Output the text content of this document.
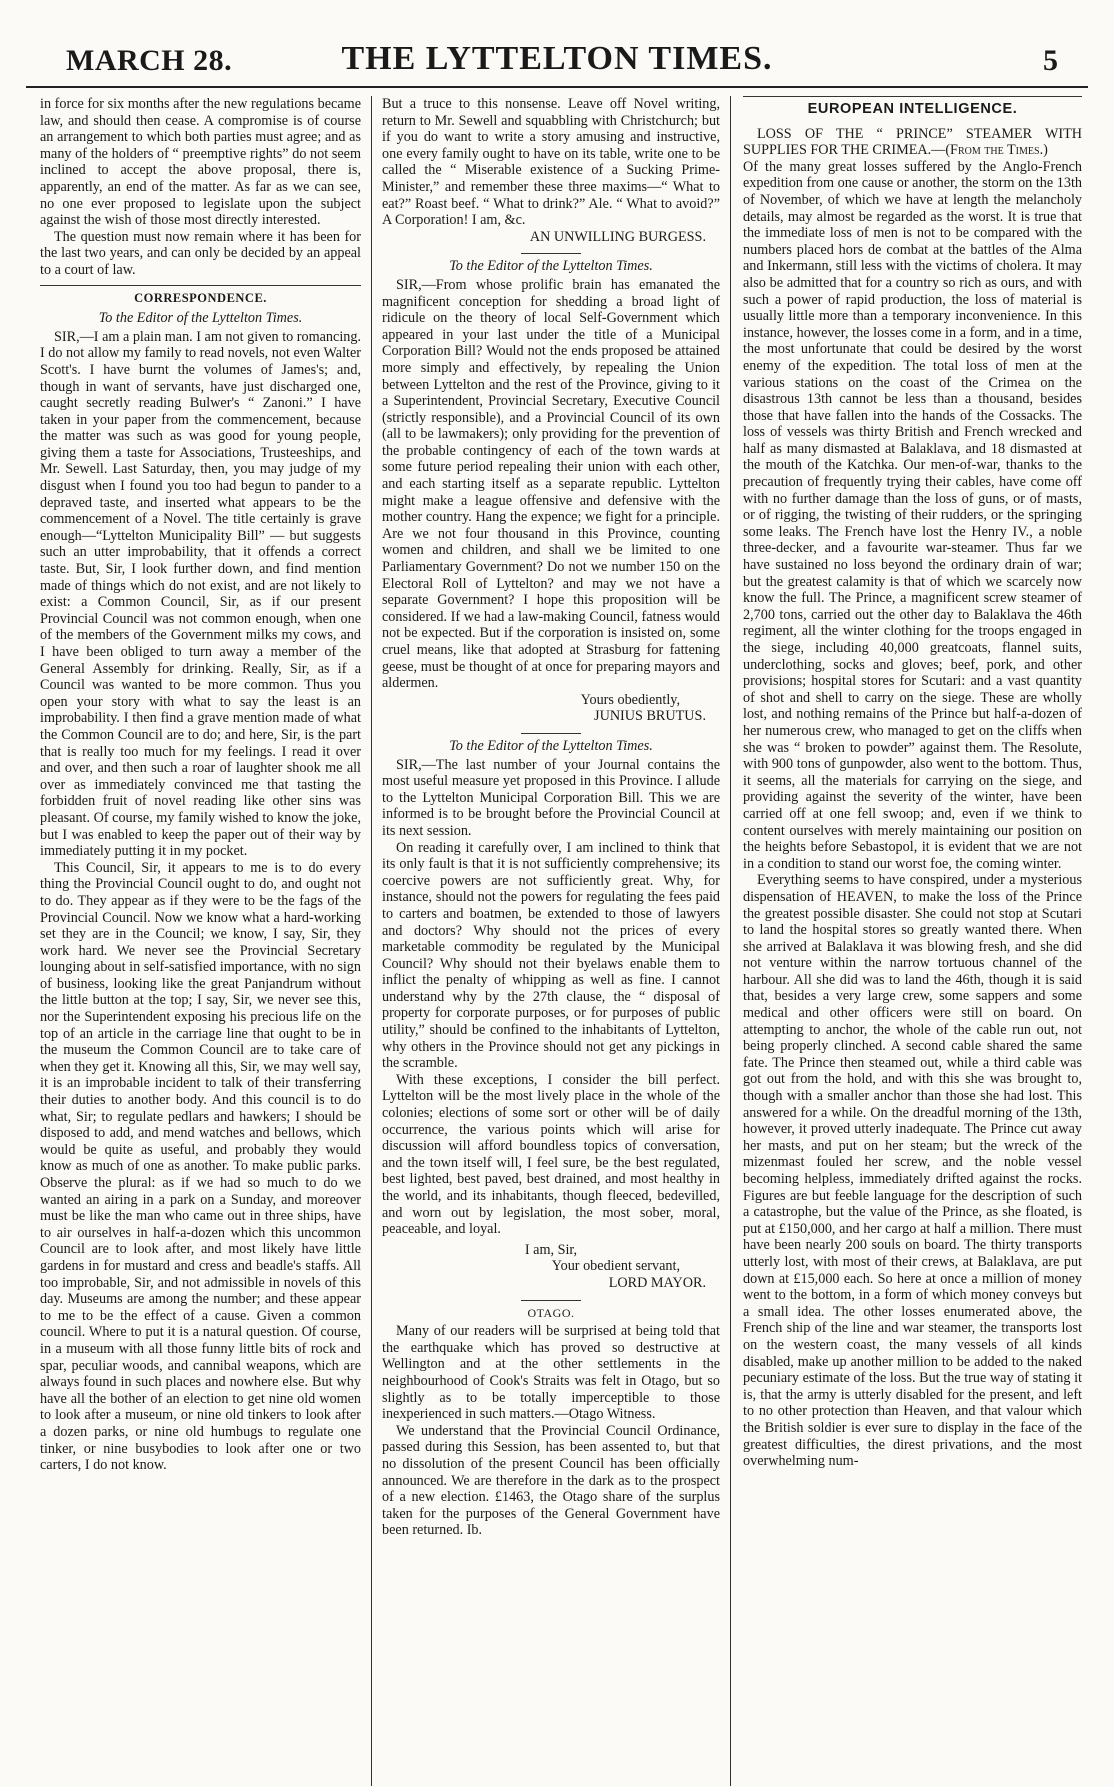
MARCH 28.	THE LYTTELTON TIMES.	5

in force for six months after the new regulations became law, and should then cease. A compromise is of course an arrangement to which both parties must agree; and as many of the holders of “ preemptive rights” do not seem inclined to accept the above proposal, there is, apparently, an end of the matter. As far as we can see, no one ever proposed to legislate upon the subject against the wish of those most directly interested.

The question must now remain where it has been for the last two years, and can only be decided by an appeal to a court of law.

CORRESPONDENCE.
To the Editor of the Lyttelton Times.

SIR,—I am a plain man. I am not given to romancing. I do not allow my family to read novels, not even Walter Scott's. I have burnt the volumes of James's; and, though in want of servants, have just discharged one, caught secretly reading Bulwer's “ Zanoni.” I have taken in your paper from the commencement, because the matter was such as was good for young people, giving them a taste for Associations, Trusteeships, and Mr. Sewell. Last Saturday, then, you may judge of my disgust when I found you too had begun to pander to a depraved taste, and inserted what appears to be the commencement of a Novel. The title certainly is grave enough—“Lyttelton Municipality Bill” — but suggests such an utter improbability, that it offends a correct taste. But, Sir, I look further down, and find mention made of things which do not exist, and are not likely to exist: a Common Council, Sir, as if our present Provincial Council was not common enough, when one of the members of the Government milks my cows, and I have been obliged to turn away a member of the General Assembly for drinking. Really, Sir, as if a Council was wanted to be more common. Thus you open your story with what to say the least is an improbability. I then find a grave mention made of what the Common Council are to do; and here, Sir, is the part that is really too much for my feelings. I read it over and over, and then such a roar of laughter shook me all over as immediately convinced me that tasting the forbidden fruit of novel reading like other sins was pleasant. Of course, my family wished to know the joke, but I was enabled to keep the paper out of their way by immediately putting it in my pocket.

This Council, Sir, it appears to me is to do every thing the Provincial Council ought to do, and ought not to do. They appear as if they were to be the fags of the Provincial Council. Now we know what a hard-working set they are in the Council; we know, I say, Sir, they work hard. We never see the Provincial Secretary lounging about in self-satisfied importance, with no sign of business, looking like the great Panjandrum without the little button at the top; I say, Sir, we never see this, nor the Superintendent exposing his precious life on the top of an article in the carriage line that ought to be in the museum the Common Council are to take care of when they get it. Knowing all this, Sir, we may well say, it is an improbable incident to talk of their transferring their duties to another body. And this council is to do what, Sir; to regulate pedlars and hawkers; I should be disposed to add, and mend watches and bellows, which would be quite as useful, and probably they would know as much of one as another. To make public parks. Observe the plural: as if we had so much to do we wanted an airing in a park on a Sunday, and moreover must be like the man who came out in three ships, have to air ourselves in half-a-dozen which this uncommon Council are to look after, and most likely have little gardens in for mustard and cress and beadle's staffs. All too improbable, Sir, and not admissible in novels of this day. Museums are among the number; and these appear to me to be the effect of a cause. Given a common council. Where to put it is a natural question. Of course, in a museum with all those funny little bits of rock and spar, peculiar woods, and cannibal weapons, which are always found in such places and nowhere else. But why have all the bother of an election to get nine old women to look after a museum, or nine old tinkers to look after a dozen parks, or nine old humbugs to regulate one tinker, or nine busybodies to look after one or two carters, I do not know.

But a truce to this nonsense. Leave off Novel writing, return to Mr. Sewell and squabbling with Christchurch; but if you do want to write a story amusing and instructive, one every family ought to have on its table, write one to be called the “ Miserable existence of a Sucking Prime-Minister,” and remember these three maxims—“ What to eat?” Roast beef. “ What to drink?” Ale. “ What to avoid?” A Corporation! I am, &c.

AN UNWILLING BURGESS.
To the Editor of the Lyttelton Times.

SIR,—From whose prolific brain has emanated the magnificent conception for shedding a broad light of ridicule on the theory of local Self-Government which appeared in your last under the title of a Municipal Corporation Bill? Would not the ends proposed be attained more simply and effectively, by repealing the Union between Lyttelton and the rest of the Province, giving to it a Superintendent, Provincial Secretary, Executive Council (strictly responsible), and a Provincial Council of its own (all to be lawmakers); only providing for the prevention of the probable contingency of each of the town wards at some future period repealing their union with each other, and each starting itself as a separate republic. Lyttelton might make a league offensive and defensive with the mother country. Hang the expence; we fight for a principle. Are we not four thousand in this Province, counting women and children, and shall we be limited to one Parliamentary Government? Do not we number 150 on the Electoral Roll of Lyttelton? and may we not have a separate Government? I hope this proposition will be considered. If we had a law-making Council, fatness would not be expected. But if the corporation is insisted on, some cruel means, like that adopted at Strasburg for fattening geese, must be thought of at once for preparing mayors and aldermen.

Yours obediently,
JUNIUS BRUTUS.
To the Editor of the Lyttelton Times.

SIR,—The last number of your Journal contains the most useful measure yet proposed in this Province. I allude to the Lyttelton Municipal Corporation Bill. This we are informed is to be brought before the Provincial Council at its next session.

On reading it carefully over, I am inclined to think that its only fault is that it is not sufficiently comprehensive; its coercive powers are not sufficiently great. Why, for instance, should not the powers for regulating the fees paid to carters and boatmen, be extended to those of lawyers and doctors? Why should not the prices of every marketable commodity be regulated by the Municipal Council? Why should not their byelaws enable them to inflict the penalty of whipping as well as fine. I cannot understand why by the 27th clause, the “ disposal of property for corporate purposes, or for purposes of public utility,” should be confined to the inhabitants of Lyttelton, why others in the Province should not get any pickings in the scramble.

With these exceptions, I consider the bill perfect. Lyttelton will be the most lively place in the whole of the colonies; elections of some sort or other will be of daily occurrence, the various points which will arise for discussion will afford boundless topics of conversation, and the town itself will, I feel sure, be the best regulated, best lighted, best paved, best drained, and most healthy in the world, and its inhabitants, though fleeced, bedevilled, and worn out by legislation, the most sober, moral, peaceable, and loyal.

I am, Sir,
Your obedient servant,
LORD MAYOR.
OTAGO.

Many of our readers will be surprised at being told that the earthquake which has proved so destructive at Wellington and at the other settlements in the neighbourhood of Cook's Straits was felt in Otago, but so slightly as to be totally imperceptible to those inexperienced in such matters.—Otago Witness.

We understand that the Provincial Council Ordinance, passed during this Session, has been assented to, but that no dissolution of the present Council has been officially announced. We are therefore in the dark as to the prospect of a new election. £1463, the Otago share of the surplus taken for the purposes of the General Government have been returned. Ib.

EUROPEAN INTELLIGENCE.

LOSS OF THE “ PRINCE” STEAMER WITH SUPPLIES FOR THE CRIMEA.—(From the Times.)

Of the many great losses suffered by the Anglo-French expedition from one cause or another, the storm on the 13th of November, of which we have at length the melancholy details, may almost be regarded as the worst. It is true that the immediate loss of men is not to be compared with the numbers placed hors de combat at the battles of the Alma and Inkermann, still less with the victims of cholera. It may also be admitted that for a country so rich as ours, and with such a power of rapid production, the loss of material is usually little more than a temporary inconvenience. In this instance, however, the losses come in a form, and in a time, the most unfortunate that could be desired by the worst enemy of the expedition. The total loss of men at the various stations on the coast of the Crimea on the disastrous 13th cannot be less than a thousand, besides those that have fallen into the hands of the Cossacks. The loss of vessels was thirty British and French wrecked and half as many dismasted at Balaklava, and 18 dismasted at the mouth of the Katchka. Our men-of-war, thanks to the precaution of frequently trying their cables, have come off with no further damage than the loss of guns, or of masts, or of rigging, the twisting of their rudders, or the springing some leaks. The French have lost the Henry IV., a noble three-decker, and a favourite war-steamer. Thus far we have sustained no loss beyond the ordinary drain of war; but the greatest calamity is that of which we scarcely now know the full. The Prince, a magnificent screw steamer of 2,700 tons, carried out the other day to Balaklava the 46th regiment, all the winter clothing for the troops engaged in the siege, including 40,000 greatcoats, flannel suits, underclothing, socks and gloves; beef, pork, and other provisions; hospital stores for Scutari: and a vast quantity of shot and shell to carry on the siege. These are wholly lost, and nothing remains of the Prince but half-a-dozen of her numerous crew, who managed to get on the cliffs when she was “ broken to powder” against them. The Resolute, with 900 tons of gunpowder, also went to the bottom. Thus, it seems, all the materials for carrying on the siege, and providing against the severity of the winter, have been carried off at one fell swoop; and, even if we think to content ourselves with merely maintaining our position on the heights before Sebastopol, it is evident that we are not in a condition to stand our worst foe, the coming winter.

Everything seems to have conspired, under a mysterious dispensation of HEAVEN, to make the loss of the Prince the greatest possible disaster. She could not stop at Scutari to land the hospital stores so greatly wanted there. When she arrived at Balaklava it was blowing fresh, and she did not venture within the narrow tortuous channel of the harbour. All she did was to land the 46th, though it is said that, besides a very large crew, some sappers and some medical and other officers were still on board. On attempting to anchor, the whole of the cable run out, not being properly clinched. A second cable shared the same fate. The Prince then steamed out, while a third cable was got out from the hold, and with this she was brought to, though with a smaller anchor than those she had lost. This answered for a while. On the dreadful morning of the 13th, however, it proved utterly inadequate. The Prince cut away her masts, and put on her steam; but the wreck of the mizenmast fouled her screw, and the noble vessel becoming helpless, immediately drifted against the rocks. Figures are but feeble language for the description of such a catastrophe, but the value of the Prince, as she floated, is put at £150,000, and her cargo at half a million. There must have been nearly 200 souls on board. The thirty transports utterly lost, with most of their crews, at Balaklava, are put down at £15,000 each. So here at once a million of money went to the bottom, in a form of which money conveys but a small idea. The other losses enumerated above, the French ship of the line and war steamer, the transports lost on the western coast, the many vessels of all kinds disabled, make up another million to be added to the naked pecuniary estimate of the loss. But the true way of stating it is, that the army is utterly disabled for the present, and left to no other protection than Heaven, and that valour which the British soldier is ever sure to display in the face of the greatest difficulties, the direst privations, and the most overwhelming num-
